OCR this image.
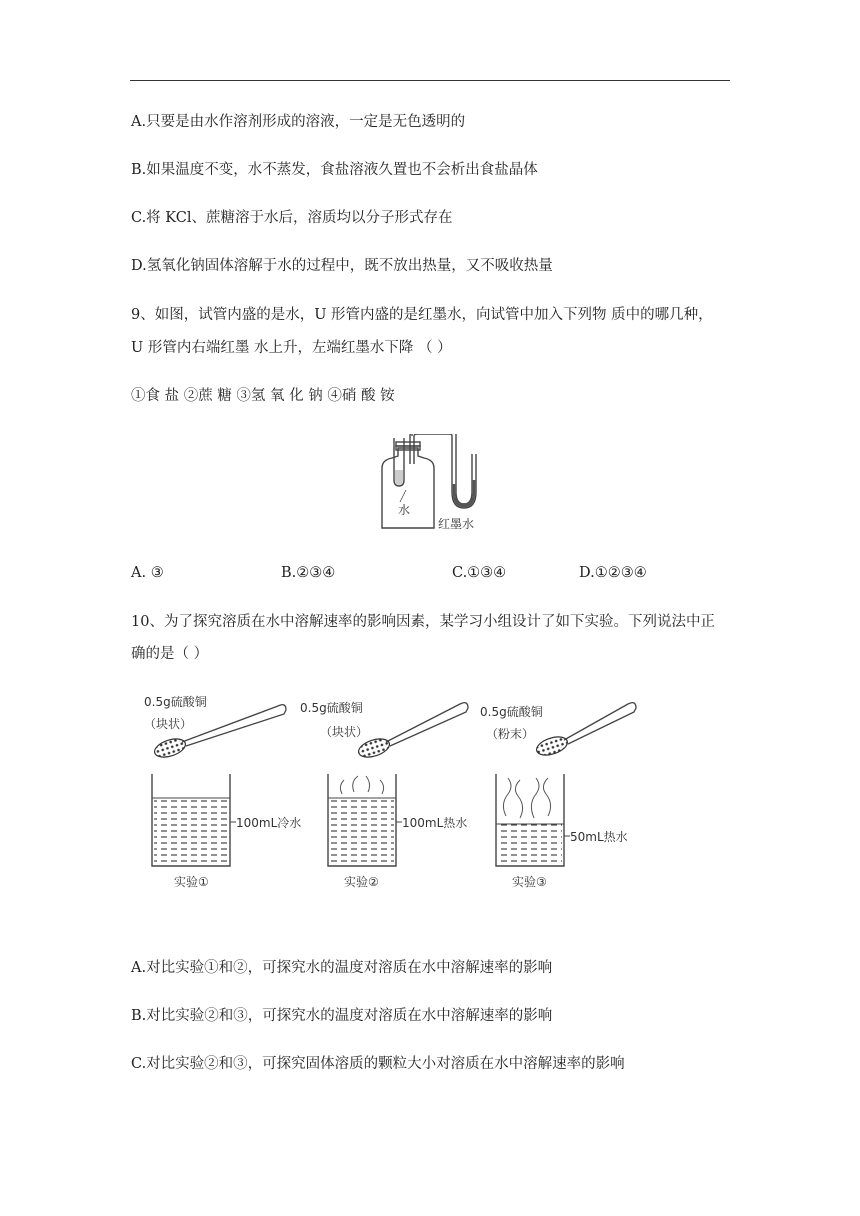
A.只要是由水作溶剂形成的溶液，一定是无色透明的
B.如果温度不变，水不蒸发，食盐溶液久置也不会析出食盐晶体
C.将 KCl、蔗糖溶于水后，溶质均以分子形式存在
D.氢氧化钠固体溶解于水的过程中，既不放出热量，又不吸收热量
9、如图，试管内盛的是水，U 形管内盛的是红墨水，向试管中加入下列物 质中的哪几种，
U 形管内右端红墨 水上升，左端红墨水下降 （ ）
①食 盐 ②蔗 糖 ③氢 氧 化 钠 ④硝 酸 铵
水
红墨水
A. ③	B.②③④	C.①③④	D.①②③④
10、为了探究溶质在水中溶解速率的影响因素，某学习小组设计了如下实验。下列说法中正
确的是（ ）
0.5g硫酸铜
（块状）
100mL冷水
实验①
0.5g硫酸铜
（块状）
100mL热水
实验②
0.5g硫酸铜
（粉末）
50mL热水
实验③
A.对比实验①和②，可探究水的温度对溶质在水中溶解速率的影响
B.对比实验②和③，可探究水的温度对溶质在水中溶解速率的影响
C.对比实验②和③，可探究固体溶质的颗粒大小对溶质在水中溶解速率的影响
